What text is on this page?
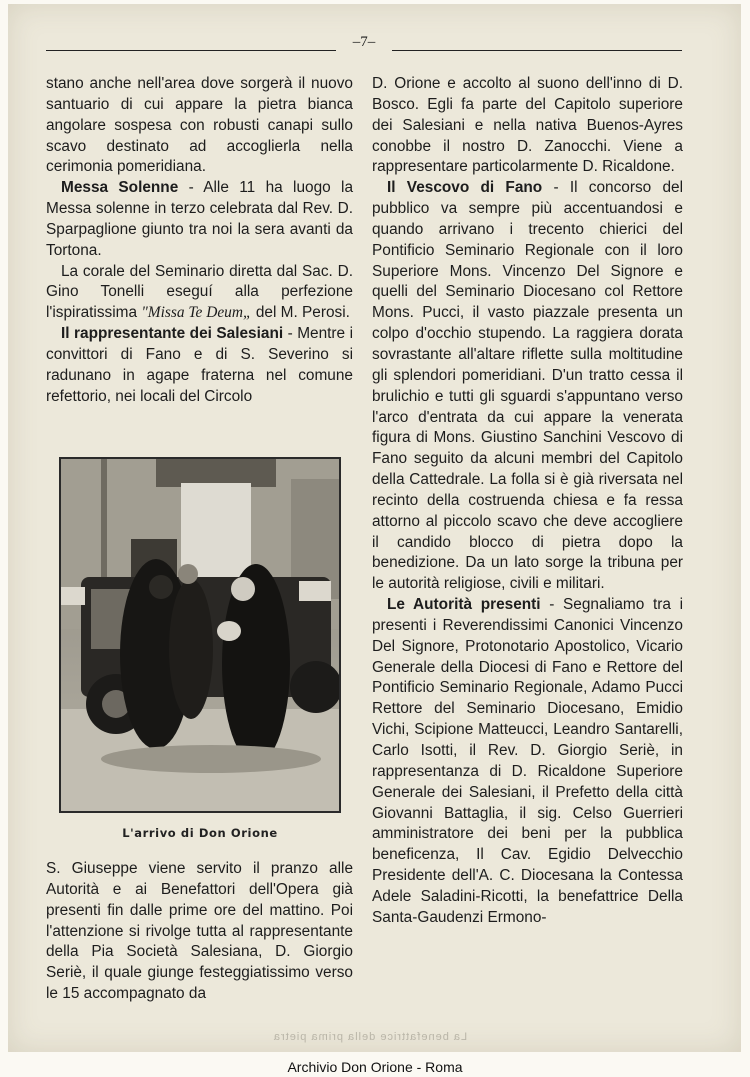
–7–

stano anche nell'area dove sorgerà il nuovo santuario di cui appare la pietra bianca angolare sospesa con robusti canapi sullo scavo destinato ad accoglierla nella cerimonia pomeridiana.

Messa Solenne - Alle 11 ha luogo la Messa solenne in terzo celebrata dal Rev. D. Sparpaglione giunto tra noi la sera avanti da Tortona.

La corale del Seminario diretta dal Sac. D. Gino Tonelli eseguí alla perfezione l'ispiratissima "Missa Te Deum„ del M. Perosi.

Il rappresentante dei Salesiani - Mentre i convittori di Fano e di S. Severino si radunano in agape fraterna nel comune refettorio, nei locali del Circolo

L'arrivo di Don Orione

S. Giuseppe viene servito il pranzo alle Autorità e ai Benefattori dell'Opera già presenti fin dalle prime ore del mattino. Poi l'attenzione si rivolge tutta al rappresentante della Pia Società Salesiana, D. Giorgio Seriè, il quale giunge festeggiatissimo verso le 15 accompagnato da

D. Orione e accolto al suono dell'inno di D. Bosco. Egli fa parte del Capitolo superiore dei Salesiani e nella nativa Buenos-Ayres conobbe il nostro D. Zanocchi. Viene a rappresentare particolarmente D. Ricaldone.

Il Vescovo di Fano - Il concorso del pubblico va sempre più accentuandosi e quando arrivano i trecento chierici del Pontificio Seminario Regionale con il loro Superiore Mons. Vincenzo Del Signore e quelli del Seminario Diocesano col Rettore Mons. Pucci, il vasto piazzale presenta un colpo d'occhio stupendo. La raggiera dorata sovrastante all'altare riflette sulla moltitudine gli splendori pomeridiani. D'un tratto cessa il brulichio e tutti gli sguardi s'appuntano verso l'arco d'entrata da cui appare la venerata figura di Mons. Giustino Sanchini Vescovo di Fano seguito da alcuni membri del Capitolo della Cattedrale. La folla si è già riversata nel recinto della costruenda chiesa e fa ressa attorno al piccolo scavo che deve accogliere il candido blocco di pietra dopo la benedizione. Da un lato sorge la tribuna per le autorità religiose, civili e militari.

Le Autorità presenti - Segnaliamo tra i presenti i Reverendissimi Canonici Vincenzo Del Signore, Protonotario Apostolico, Vicario Generale della Diocesi di Fano e Rettore del Pontificio Seminario Regionale, Adamo Pucci Rettore del Seminario Diocesano, Emidio Vichi, Scipione Matteucci, Leandro Santarelli, Carlo Isotti, il Rev. D. Giorgio Seriè, in rappresentanza di D. Ricaldone Superiore Generale dei Salesiani, il Prefetto della città Giovanni Battaglia, il sig. Celso Guerrieri amministratore dei beni per la pubblica beneficenza, Il Cav. Egidio Delvecchio Presidente dell'A. C. Diocesana la Contessa Adele Saladini-Ricotti, la benefattrice Della Santa-Gaudenzi Ermono-

La benefattrice della prima pietra
Archivio Don Orione - Roma
